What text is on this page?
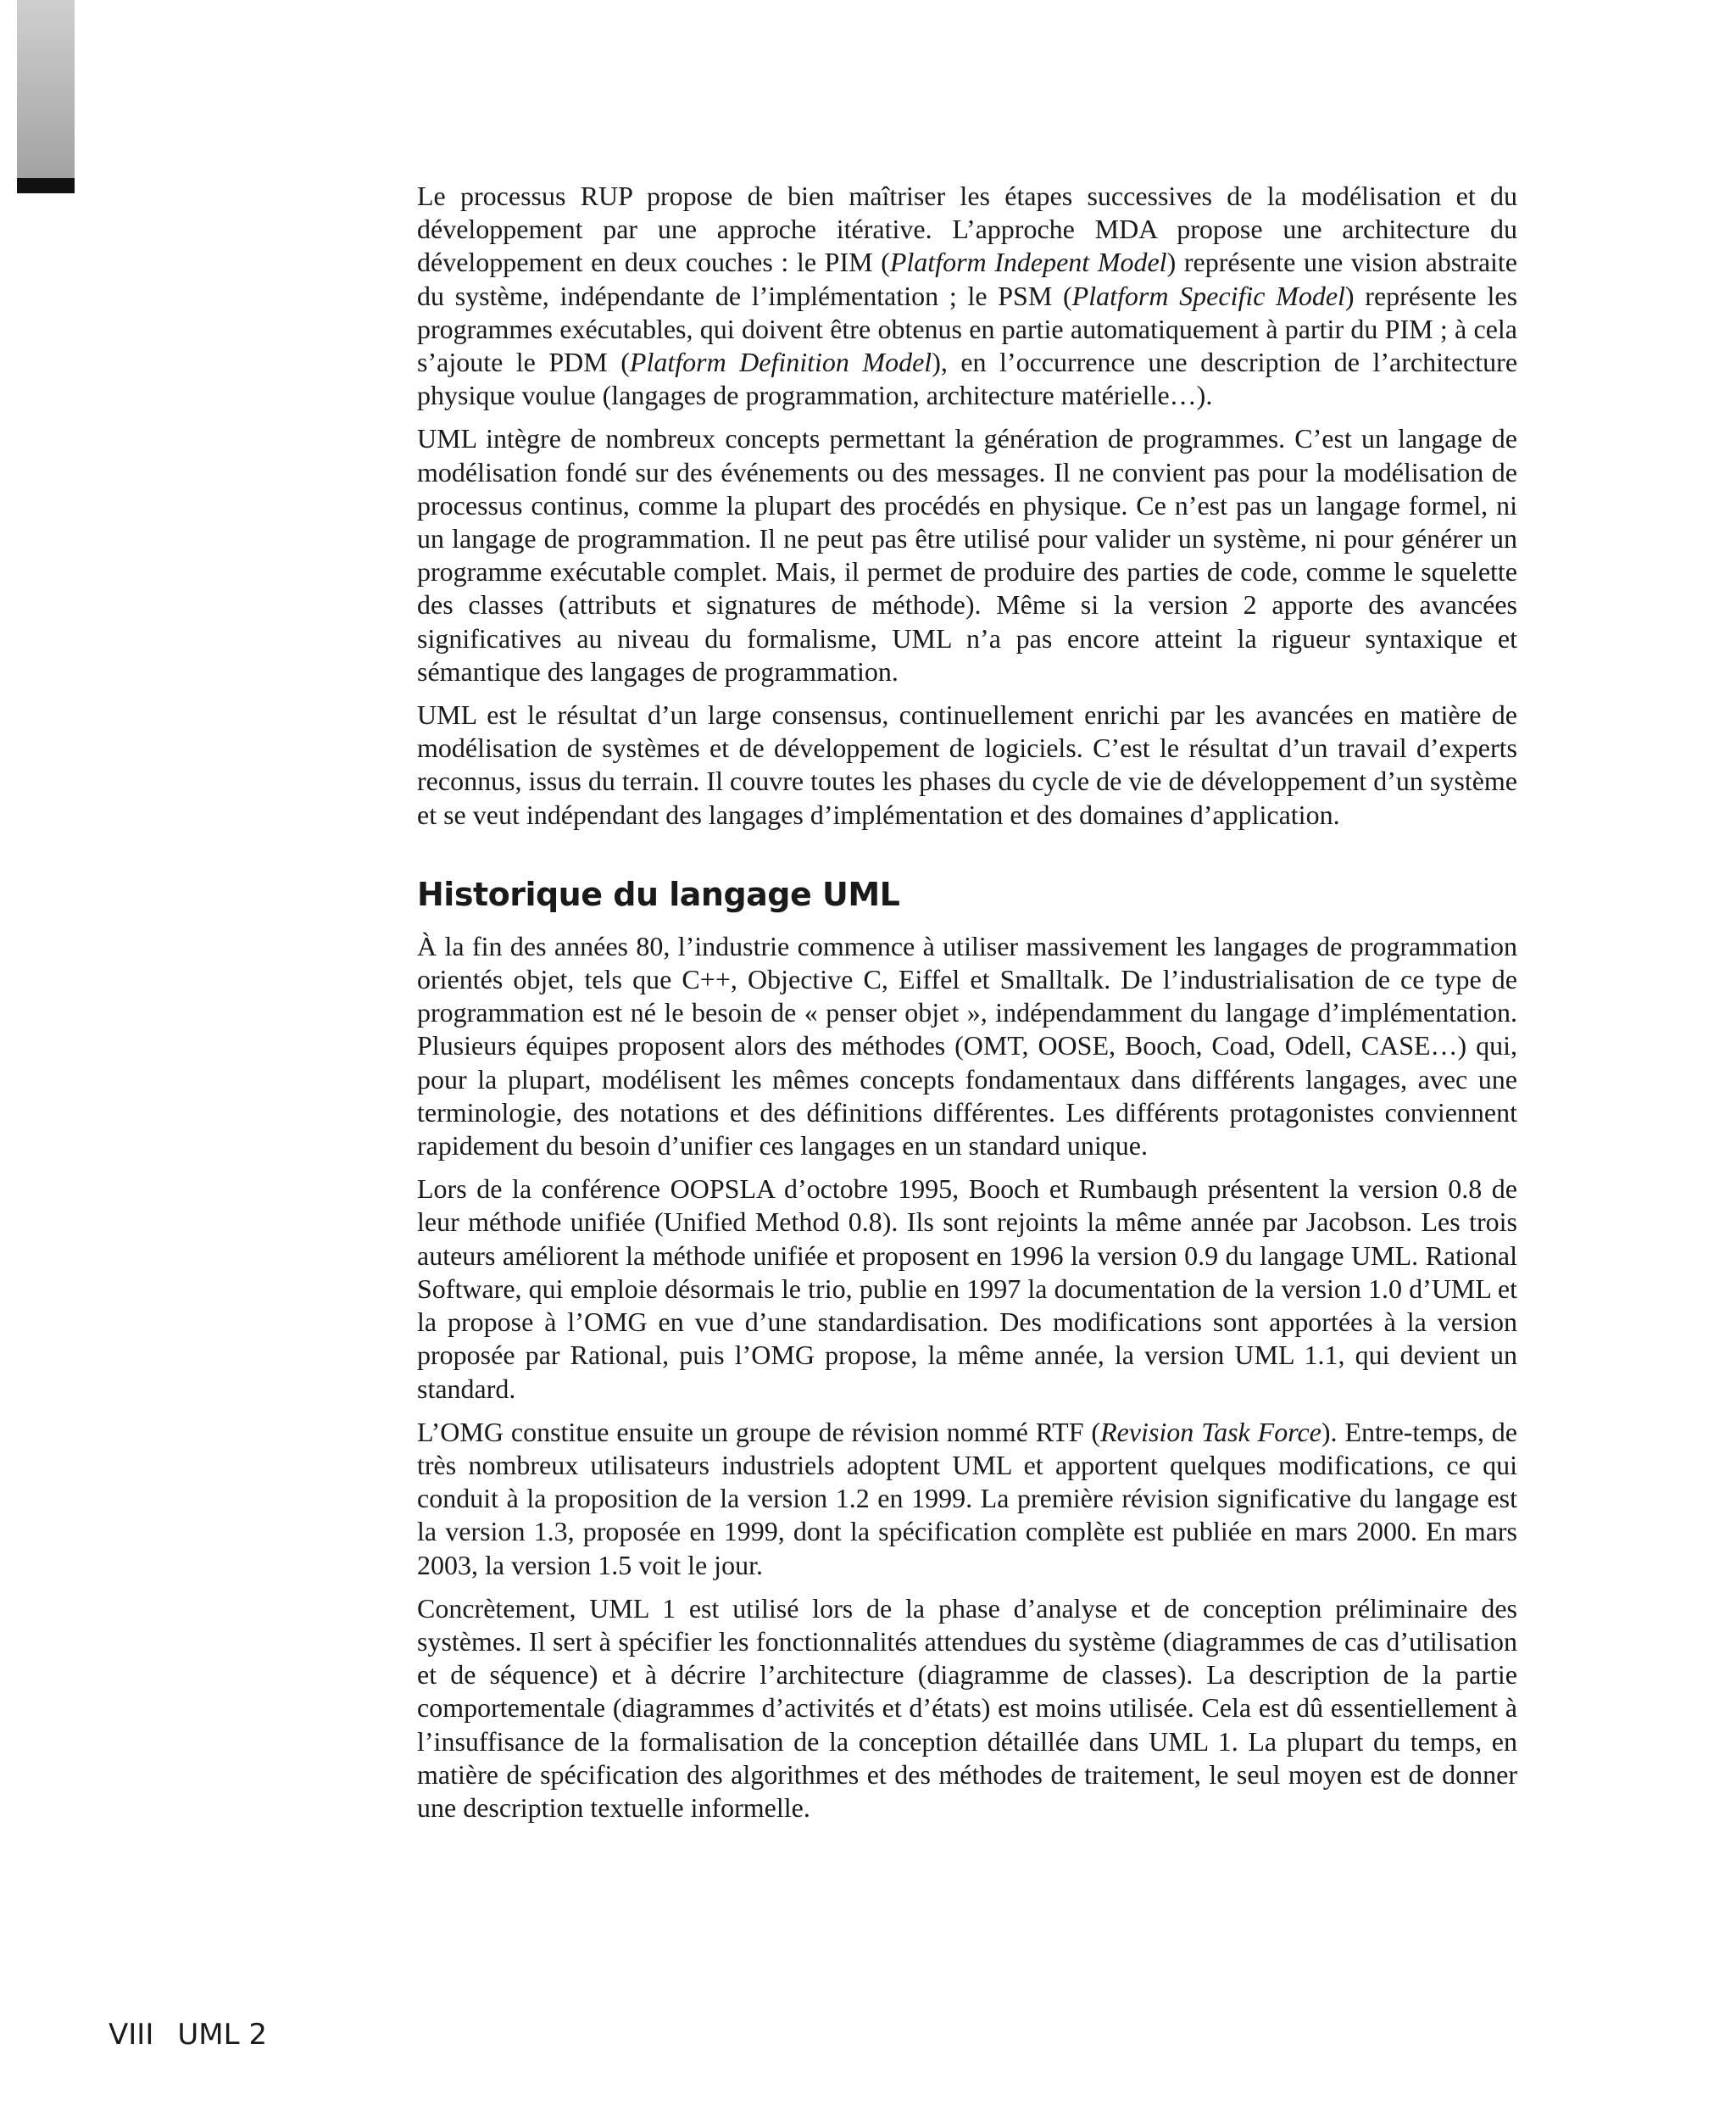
Le processus RUP propose de bien maîtriser les étapes successives de la modélisation et du développement par une approche itérative. L’approche MDA propose une architecture du développement en deux couches : le PIM (Platform Indepent Model) représente une vision abstraite du système, indépendante de l’implémentation ; le PSM (Platform Specific Model) représente les programmes exécutables, qui doivent être obtenus en partie automatiquement à partir du PIM ; à cela s’ajoute le PDM (Platform Definition Model), en l’occurrence une description de l’architecture physique voulue (langages de programmation, architecture matérielle…).

UML intègre de nombreux concepts permettant la génération de programmes. C’est un langage de modélisation fondé sur des événements ou des messages. Il ne convient pas pour la modélisation de processus continus, comme la plupart des procédés en physique. Ce n’est pas un langage formel, ni un langage de programmation. Il ne peut pas être utilisé pour valider un système, ni pour générer un programme exécutable complet. Mais, il permet de produire des parties de code, comme le squelette des classes (attributs et signatures de méthode). Même si la version 2 apporte des avancées significatives au niveau du formalisme, UML n’a pas encore atteint la rigueur syntaxique et sémantique des langages de programmation.

UML est le résultat d’un large consensus, continuellement enrichi par les avancées en matière de modélisation de systèmes et de développement de logiciels. C’est le résultat d’un travail d’experts reconnus, issus du terrain. Il couvre toutes les phases du cycle de vie de développement d’un système et se veut indépendant des langages d’implémentation et des domaines d’application.

Historique du langage UML

À la fin des années 80, l’industrie commence à utiliser massivement les langages de programmation orientés objet, tels que C++, Objective C, Eiffel et Smalltalk. De l’industrialisation de ce type de programmation est né le besoin de « penser objet », indépendamment du langage d’implémentation. Plusieurs équipes proposent alors des méthodes (OMT, OOSE, Booch, Coad, Odell, CASE…) qui, pour la plupart, modélisent les mêmes concepts fondamentaux dans différents langages, avec une terminologie, des notations et des définitions différentes. Les différents protagonistes conviennent rapidement du besoin d’unifier ces langages en un standard unique.

Lors de la conférence OOPSLA d’octobre 1995, Booch et Rumbaugh présentent la version 0.8 de leur méthode unifiée (Unified Method 0.8). Ils sont rejoints la même année par Jacobson. Les trois auteurs améliorent la méthode unifiée et proposent en 1996 la version 0.9 du langage UML. Rational Software, qui emploie désormais le trio, publie en 1997 la documentation de la version 1.0 d’UML et la propose à l’OMG en vue d’une standardisation. Des modifications sont apportées à la version proposée par Rational, puis l’OMG propose, la même année, la version UML 1.1, qui devient un standard.

L’OMG constitue ensuite un groupe de révision nommé RTF (Revision Task Force). Entre-temps, de très nombreux utilisateurs industriels adoptent UML et apportent quelques modifications, ce qui conduit à la proposition de la version 1.2 en 1999. La première révision significative du langage est la version 1.3, proposée en 1999, dont la spécification complète est publiée en mars 2000. En mars 2003, la version 1.5 voit le jour.

Concrètement, UML 1 est utilisé lors de la phase d’analyse et de conception préliminaire des systèmes. Il sert à spécifier les fonctionnalités attendues du système (diagrammes de cas d’utilisation et de séquence) et à décrire l’architecture (diagramme de classes). La description de la partie comportementale (diagrammes d’activités et d’états) est moins utilisée. Cela est dû essentiellement à l’insuffisance de la formalisation de la conception détaillée dans UML 1. La plupart du temps, en matière de spécification des algorithmes et des méthodes de traitement, le seul moyen est de donner une description textuelle informelle.

VIII UML 2
